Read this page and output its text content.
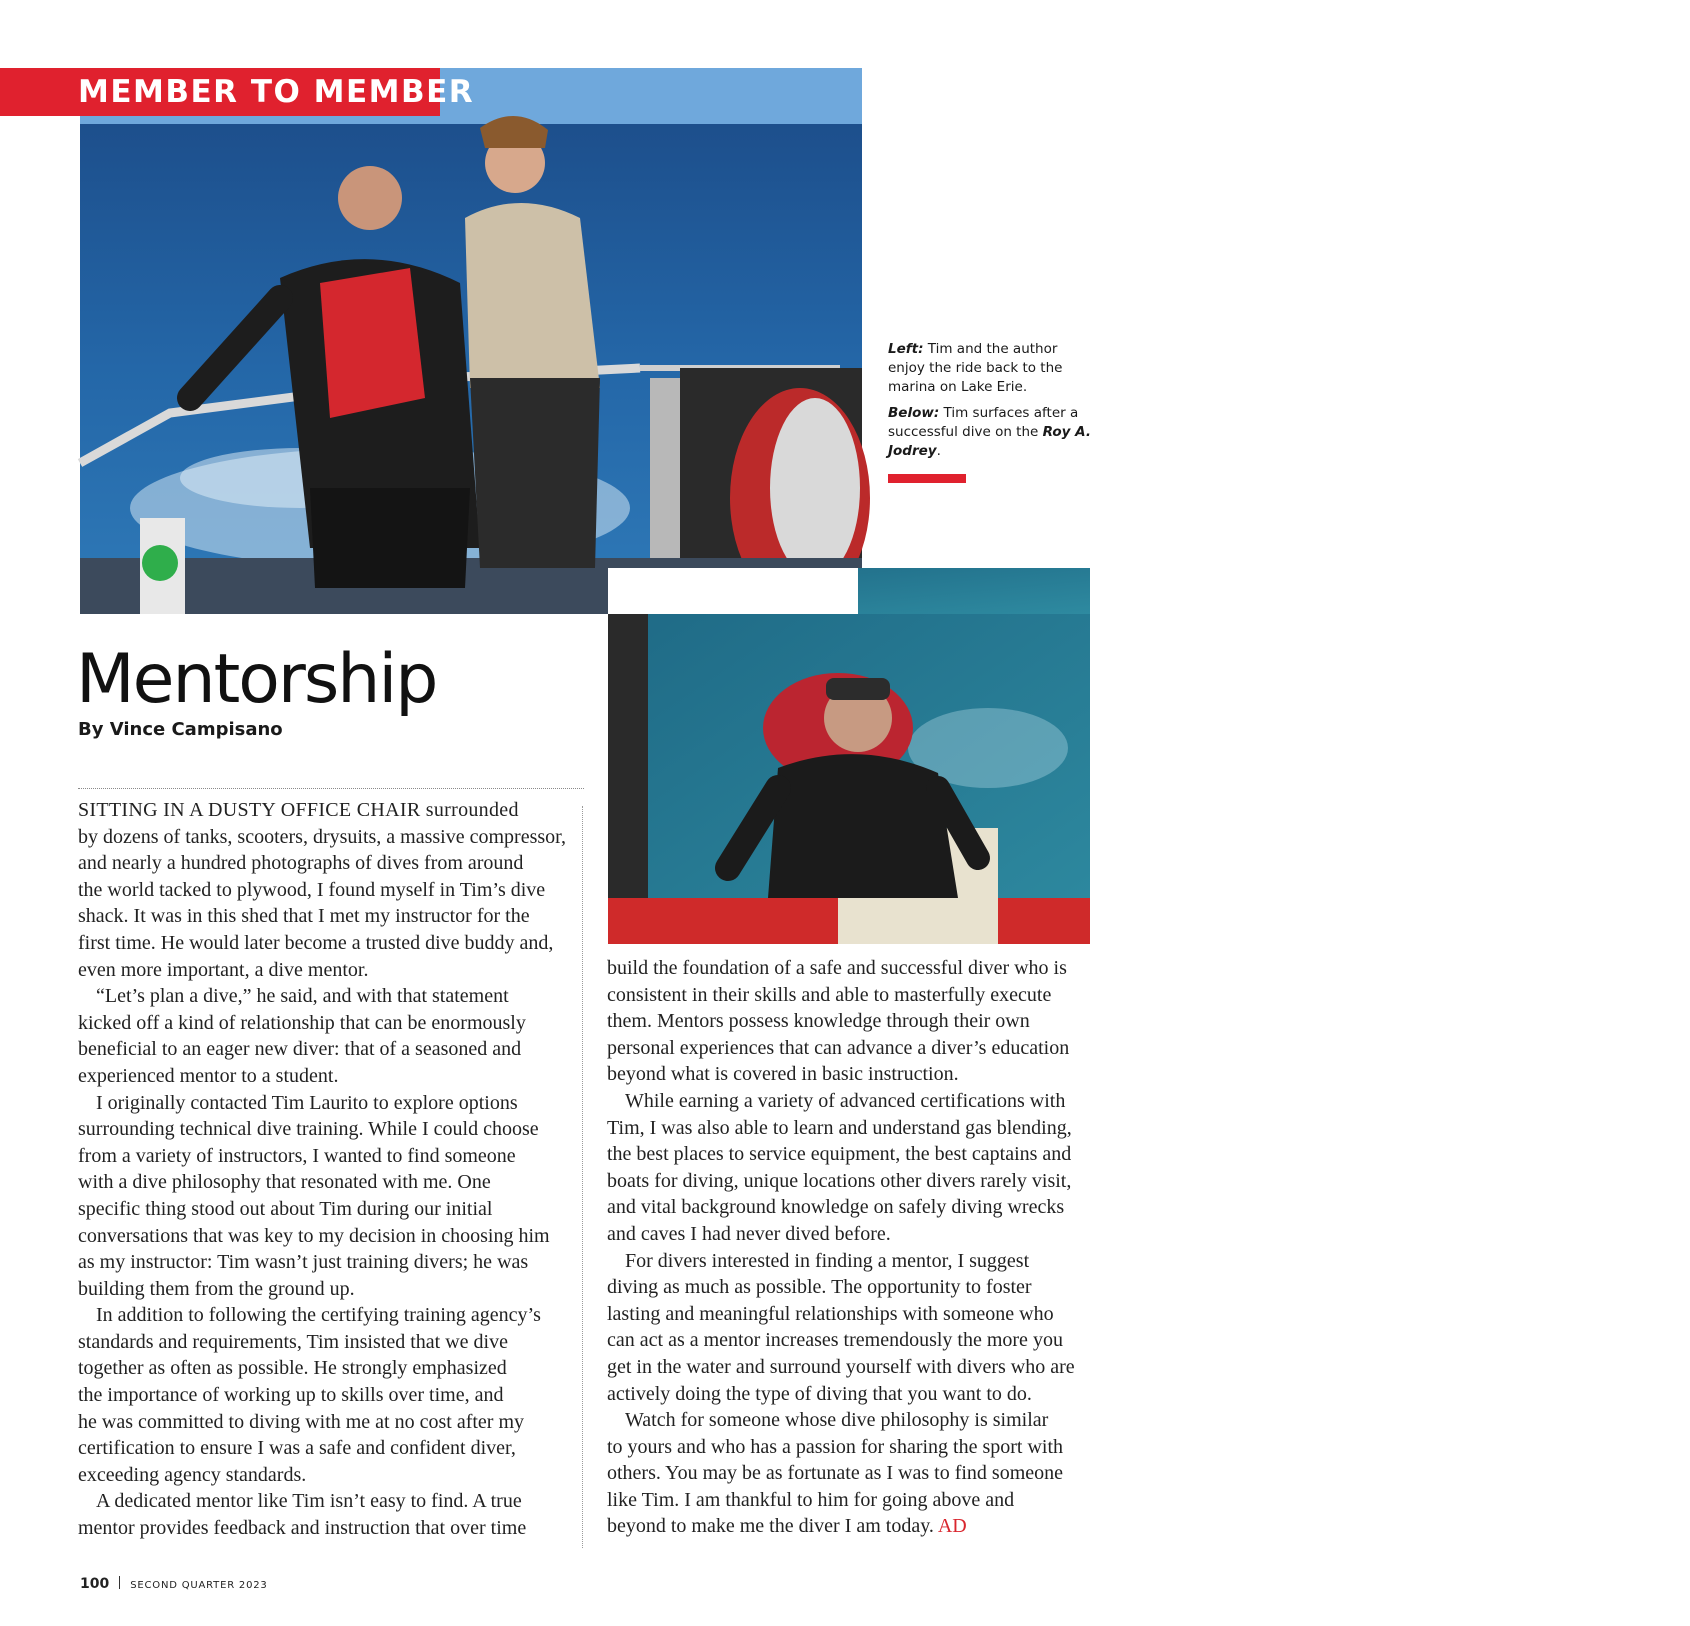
MEMBER TO MEMBER
ALEX PARKHILL

Left: Tim and the author enjoy the ride back to the marina on Lake Erie.

Below: Tim surfaces after a successful dive on the Roy A. Jodrey.

ANDREW DRIVER/BIG FOOT DIVING
Mentorship
By Vince Campisano
SITTING IN A DUSTY OFFICE CHAIR surrounded
by dozens of tanks, scooters, drysuits, a massive compressor,
and nearly a hundred photographs of dives from around
the world tacked to plywood, I found myself in Tim’s dive
shack. It was in this shed that I met my instructor for the
first time. He would later become a trusted dive buddy and,
even more important, a dive mentor.
“Let’s plan a dive,” he said, and with that statement
kicked off a kind of relationship that can be enormously
beneficial to an eager new diver: that of a seasoned and
experienced mentor to a student.
I originally contacted Tim Laurito to explore options
surrounding technical dive training. While I could choose
from a variety of instructors, I wanted to find someone
with a dive philosophy that resonated with me. One
specific thing stood out about Tim during our initial
conversations that was key to my decision in choosing him
as my instructor: Tim wasn’t just training divers; he was
building them from the ground up.
In addition to following the certifying training agency’s
standards and requirements, Tim insisted that we dive
together as often as possible. He strongly emphasized
the importance of working up to skills over time, and
he was committed to diving with me at no cost after my
certification to ensure I was a safe and confident diver,
exceeding agency standards.
A dedicated mentor like Tim isn’t easy to find. A true
mentor provides feedback and instruction that over time
build the foundation of a safe and successful diver who is
consistent in their skills and able to masterfully execute
them. Mentors possess knowledge through their own
personal experiences that can advance a diver’s education
beyond what is covered in basic instruction.
While earning a variety of advanced certifications with
Tim, I was also able to learn and understand gas blending,
the best places to service equipment, the best captains and
boats for diving, unique locations other divers rarely visit,
and vital background knowledge on safely diving wrecks
and caves I had never dived before.
For divers interested in finding a mentor, I suggest
diving as much as possible. The opportunity to foster
lasting and meaningful relationships with someone who
can act as a mentor increases tremendously the more you
get in the water and surround yourself with divers who are
actively doing the type of diving that you want to do.
Watch for someone whose dive philosophy is similar
to yours and who has a passion for sharing the sport with
others. You may be as fortunate as I was to find someone
like Tim. I am thankful to him for going above and
beyond to make me the diver I am today. AD
100 SECOND QUARTER 2023
